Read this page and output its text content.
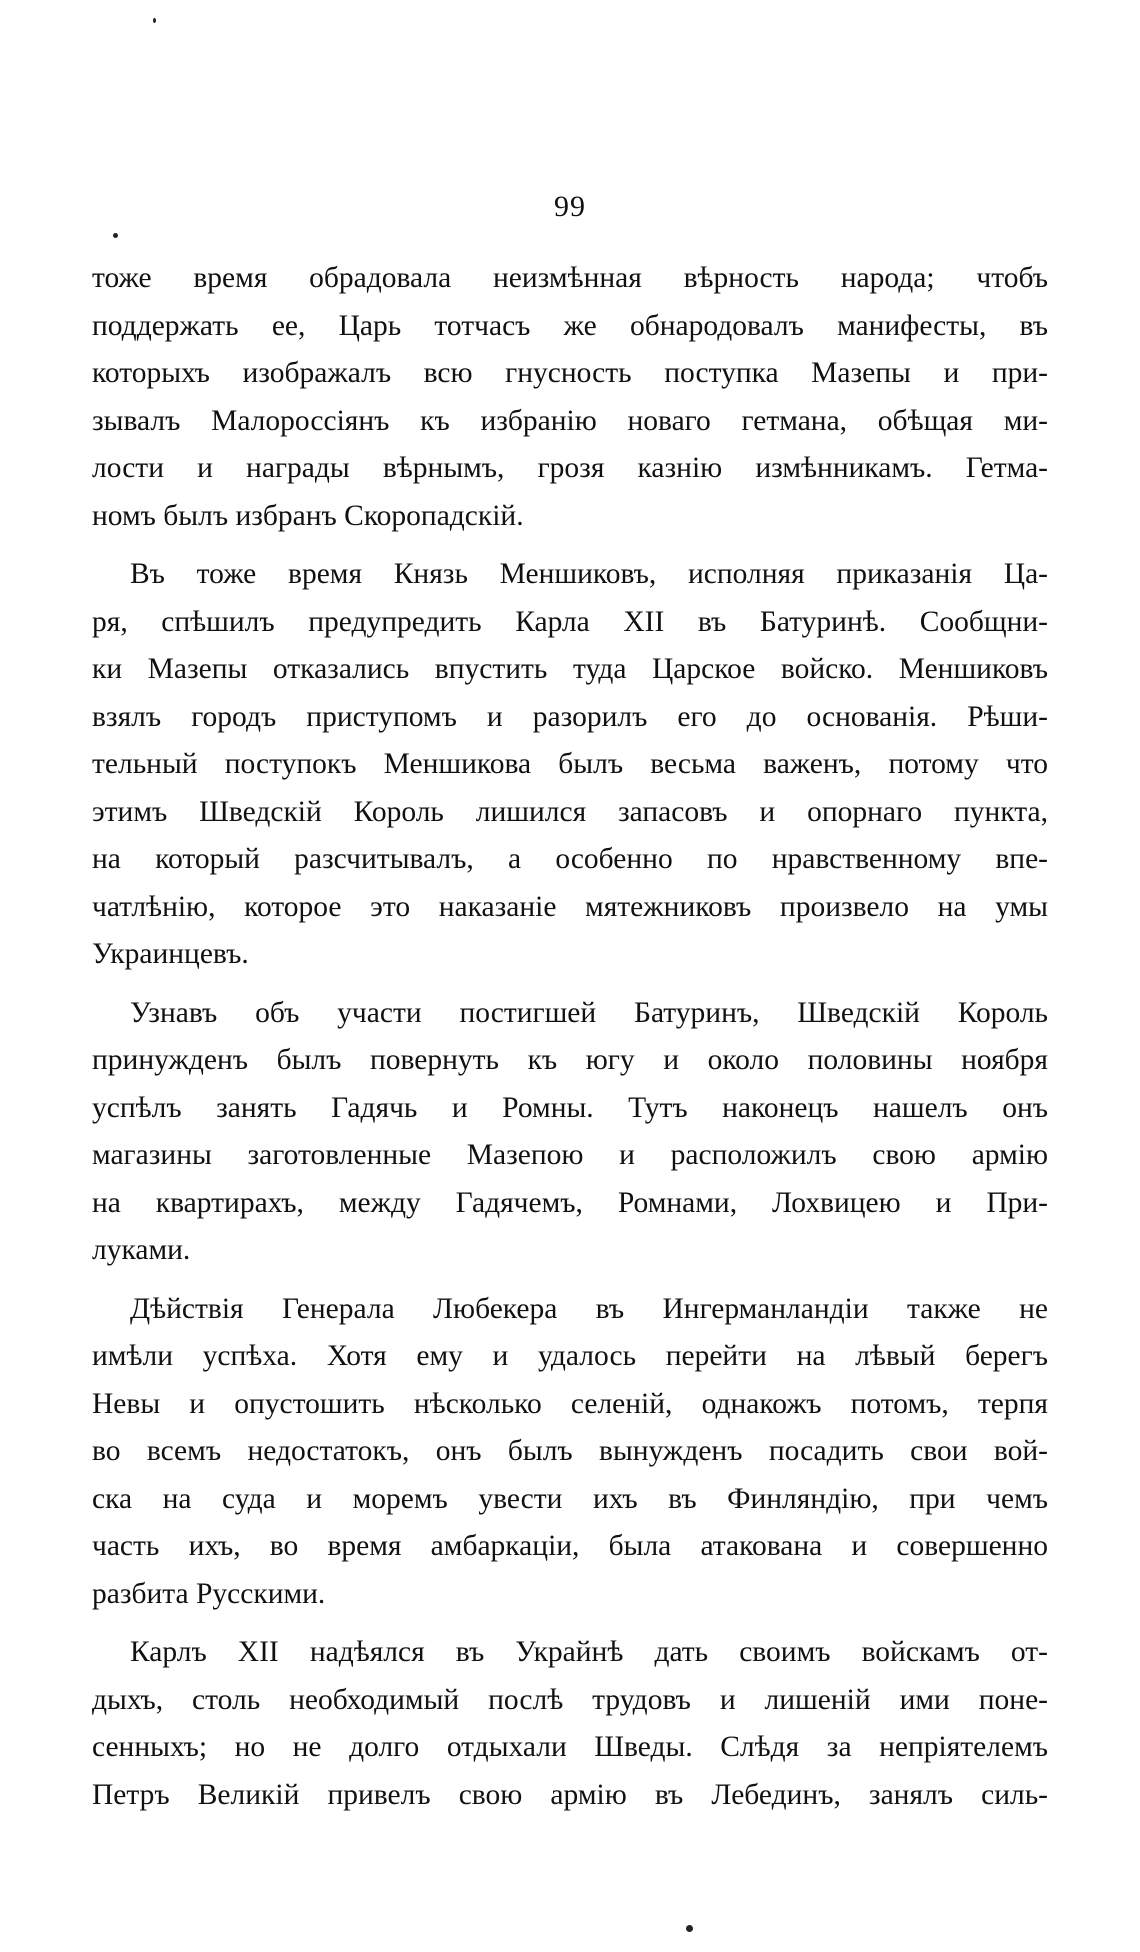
99
тоже время обрадовала неизмѣнная вѣрность народа; чтобъ
поддержать ее, Царь тотчасъ же обнародовалъ манифесты, въ
которыхъ изображалъ всю гнусность поступка Мазепы и при-
зывалъ Малороссіянъ къ избранію новаго гетмана, обѣщая ми-
лости и награды вѣрнымъ, грозя казнію измѣнникамъ. Гетма-
номъ былъ избранъ Скоропадскій.
Въ тоже время Князь Меншиковъ, исполняя приказанія Ца-
ря, спѣшилъ предупредить Карла XII въ Батуринѣ. Сообщни-
ки Мазепы отказались впустить туда Царское войско. Меншиковъ
взялъ городъ приступомъ и разорилъ его до основанія. Рѣши-
тельный поступокъ Меншикова былъ весьма важенъ, потому что
этимъ Шведскій Король лишился запасовъ и опорнаго пункта,
на который разсчитывалъ, а особенно по нравственному впе-
чатлѣнію, которое это наказаніе мятежниковъ произвело на умы
Украинцевъ.
Узнавъ объ участи постигшей Батуринъ, Шведскій Король
принужденъ былъ повернуть къ югу и около половины ноября
успѣлъ занять Гадячь и Ромны. Тутъ наконецъ нашелъ онъ
магазины заготовленные Мазепою и расположилъ свою армію
на квартирахъ, между Гадячемъ, Ромнами, Лохвицею и При-
луками.
Дѣйствія Генерала Любекера въ Ингерманландіи также не
имѣли успѣха. Хотя ему и удалось перейти на лѣвый берегъ
Невы и опустошить нѣсколько селеній, однакожъ потомъ, терпя
во всемъ недостатокъ, онъ былъ вынужденъ посадить свои вой-
ска на суда и моремъ увести ихъ въ Финляндію, при чемъ
часть ихъ, во время амбаркаціи, была атакована и совершенно
разбита Русскими.
Карлъ XII надѣялся въ Украйнѣ дать своимъ войскамъ от-
дыхъ, столь необходимый послѣ трудовъ и лишеній ими поне-
сенныхъ; но не долго отдыхали Шведы. Слѣдя за непріятелемъ
Петръ Великій привелъ свою армію въ Лебединъ, занялъ силь-
